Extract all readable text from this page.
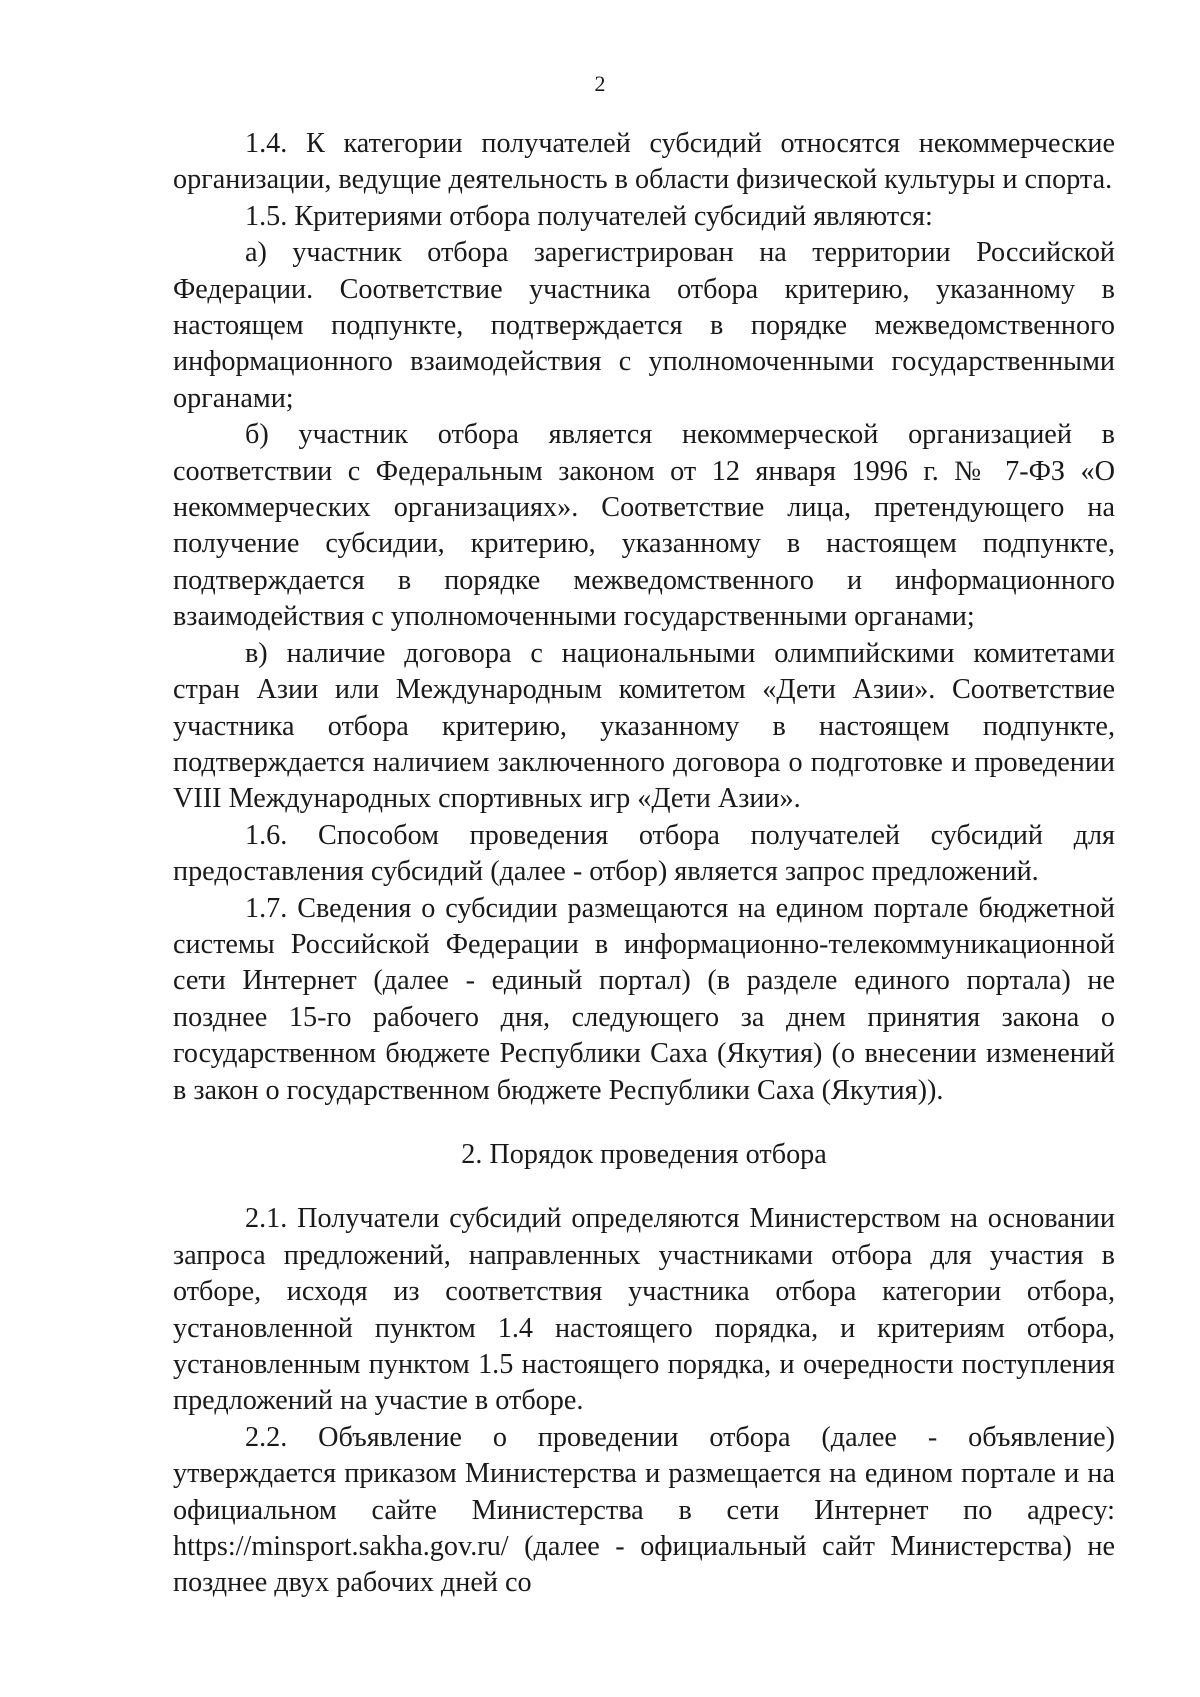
2

1.4. К категории получателей субсидий относятся некоммерческие организации, ведущие деятельность в области физической культуры и спорта.

1.5. Критериями отбора получателей субсидий являются:

а) участник отбора зарегистрирован на территории Российской Федерации. Соответствие участника отбора критерию, указанному в настоящем подпункте, подтверждается в порядке межведомственного информационного взаимодействия с уполномоченными государственными органами;

б) участник отбора является некоммерческой организацией в соответствии с Федеральным законом от 12 января 1996 г. № 7-ФЗ «О некоммерческих организациях». Соответствие лица, претендующего на получение субсидии, критерию, указанному в настоящем подпункте, подтверждается в порядке межведомственного и информационного взаимодействия с уполномоченными государственными органами;

в) наличие договора с национальными олимпийскими комитетами стран Азии или Международным комитетом «Дети Азии». Соответствие участника отбора критерию, указанному в настоящем подпункте, подтверждается наличием заключенного договора о подготовке и проведении VIII Международных спортивных игр «Дети Азии».

1.6. Способом проведения отбора получателей субсидий для предоставления субсидий (далее - отбор) является запрос предложений.

1.7. Сведения о субсидии размещаются на едином портале бюджетной системы Российской Федерации в информационно-телекоммуникационной сети Интернет (далее - единый портал) (в разделе единого портала) не позднее 15-го рабочего дня, следующего за днем принятия закона о государственном бюджете Республики Саха (Якутия) (о внесении изменений в закон о государственном бюджете Республики Саха (Якутия)).

2. Порядок проведения отбора

2.1. Получатели субсидий определяются Министерством на основании запроса предложений, направленных участниками отбора для участия в отборе, исходя из соответствия участника отбора категории отбора, установленной пунктом 1.4 настоящего порядка, и критериям отбора, установленным пунктом 1.5 настоящего порядка, и очередности поступления предложений на участие в отборе.

2.2. Объявление о проведении отбора (далее - объявление) утверждается приказом Министерства и размещается на едином портале и на официальном сайте Министерства в сети Интернет по адресу: https://minsport.sakha.gov.ru/ (далее - официальный сайт Министерства) не позднее двух рабочих дней со
